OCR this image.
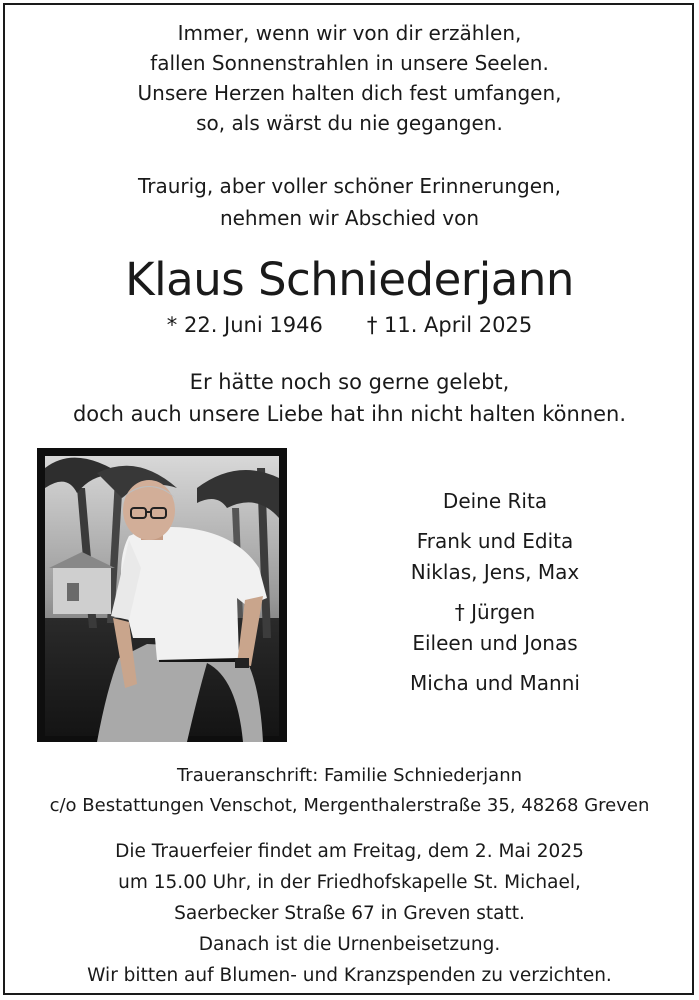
Immer, wenn wir von dir erzählen,
fallen Sonnenstrahlen in unsere Seelen.
Unsere Herzen halten dich fest umfangen,
so, als wärst du nie gegangen.
Traurig, aber voller schöner Erinnerungen,
nehmen wir Abschied von
Klaus Schniederjann
* 22. Juni 1946 † 11. April 2025
Er hätte noch so gerne gelebt,
doch auch unsere Liebe hat ihn nicht halten können.
Deine Rita
Frank und Edita
Niklas, Jens, Max
† Jürgen
Eileen und Jonas
Micha und Manni
Traueranschrift: Familie Schniederjann
c/o Bestattungen Venschot, Mergenthalerstraße 35, 48268 Greven
Die Trauerfeier findet am Freitag, dem 2. Mai 2025
um 15.00 Uhr, in der Friedhofskapelle St. Michael,
Saerbecker Straße 67 in Greven statt.
Danach ist die Urnenbeisetzung.
Wir bitten auf Blumen- und Kranzspenden zu verzichten.
